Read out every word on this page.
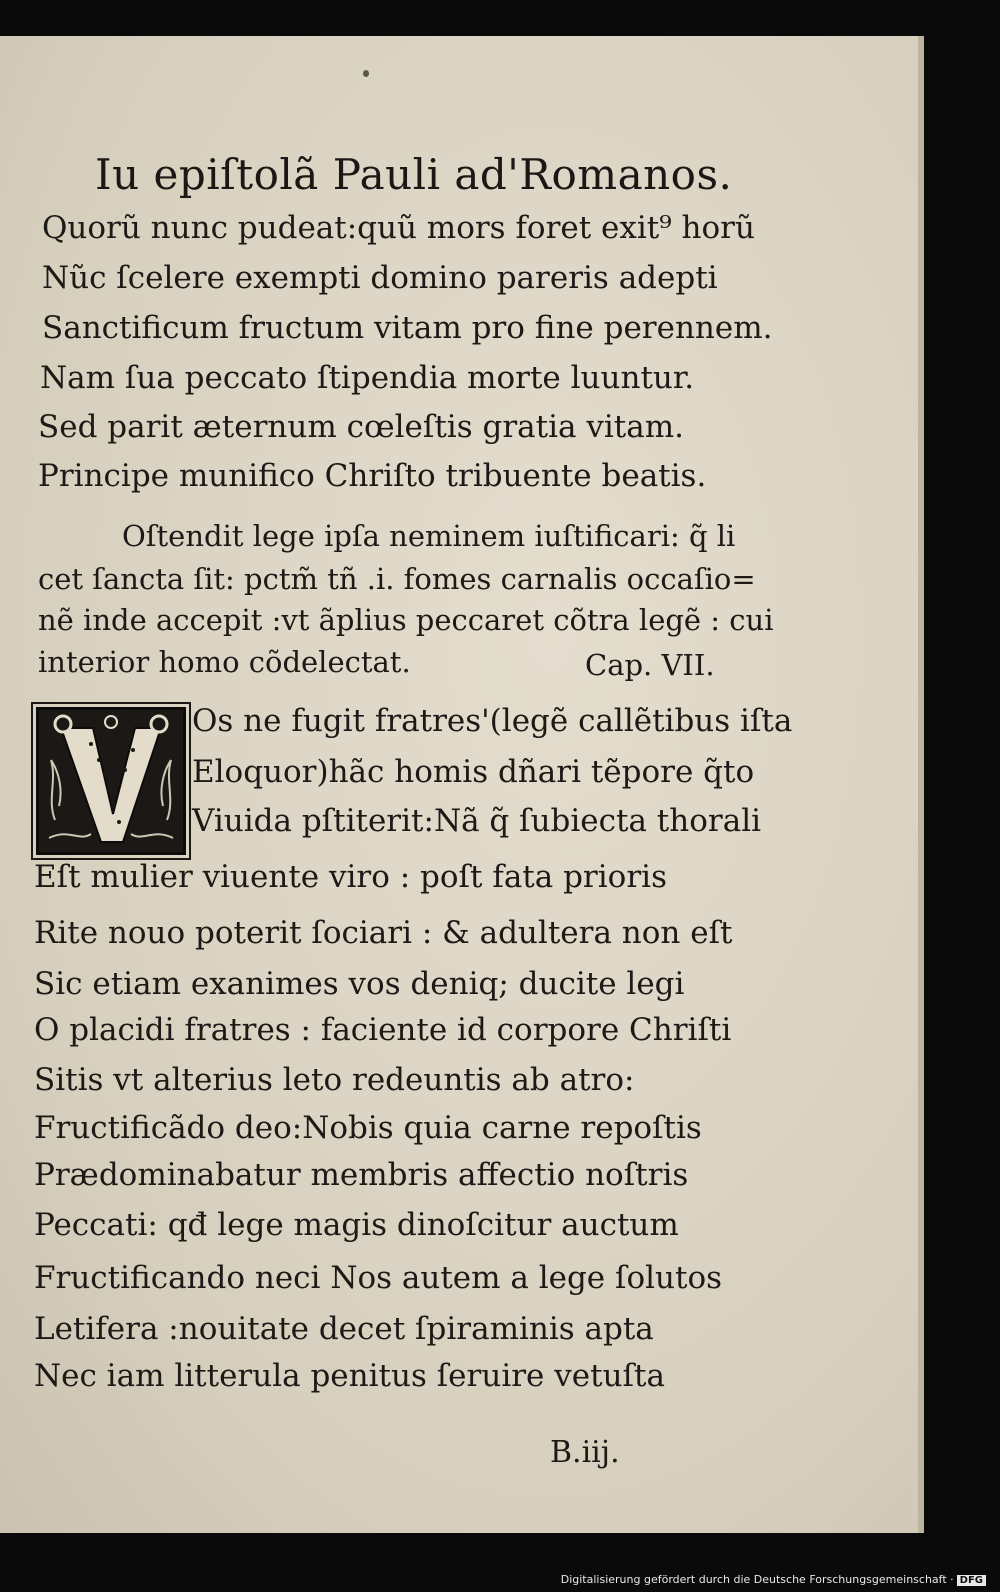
Iu epiſtolã Pauli ad'Romanos.
Quorũ nunc pudeat:quũ mors foret exit⁹ horũ
Nũc ſcelere exempti domino pareris adepti
Sanctificum fructum vitam pro fine perennem.
Nam ſua peccato ſtipendia morte luuntur.
Sed parit æternum cœleſtis gratia vitam.
Principe munifico Chriſto tribuente beatis.
Oſtendit lege ipſa neminem iuſtificari: q̃ li
cet ſancta ſit: pctm̃ tñ .i. fomes carnalis occaſio=
nẽ inde accepit :vt ãplius peccaret cõtra legẽ : cui
interior homo cõdelectat.	Cap. VII.
Os ne fugit fratres'(legẽ callẽtibus iſta
Eloquor)hãc homis dñari tẽpore q̃to
Viuida pſtiterit:Nã q̃ ſubiecta thorali
Eſt mulier viuente viro : poſt fata prioris
Rite nouo poterit ſociari : & adultera non eſt
Sic etiam exanimes vos deniq; ducite legi
O placidi fratres : faciente id corpore Chriſti
Sitis vt alterius leto redeuntis ab atro:
Fructificãdo deo:Nobis quia carne repoſtis
Prædominabatur membris affectio noſtris
Peccati: qđ lege magis dinoſcitur auctum
Fructificando neci Nos autem a lege ſolutos
Letifera :nouitate decet ſpiraminis apta
Nec iam litterula penitus ſeruire vetuſta
B.iij.
Digitalisierung gefördert durch die Deutsche Forschungsgemeinschaft · DFG
